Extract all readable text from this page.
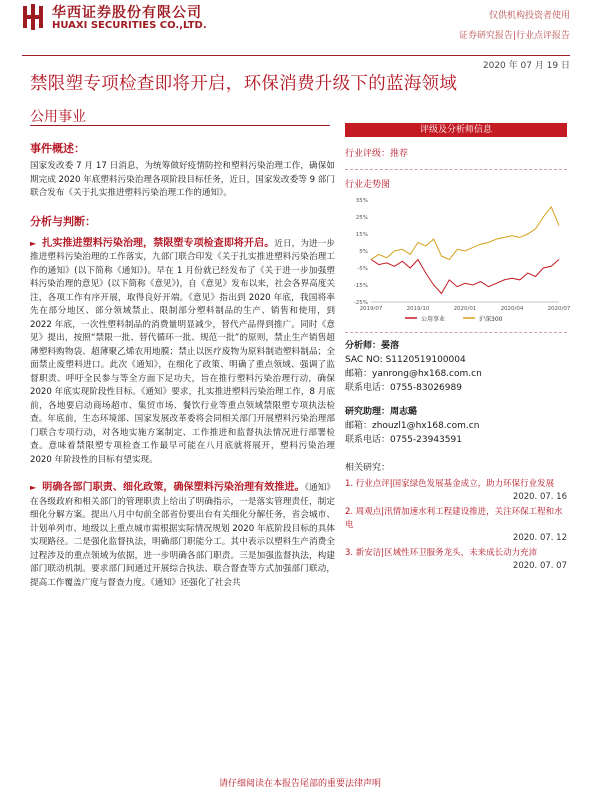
华西证券股份有限公司
HUAXI SECURITIES CO.,LTD.
仅供机构投资者使用
证券研究报告|行业点评报告
2020 年 07 月 19 日
禁限塑专项检查即将开启，环保消费升级下的蓝海领域
公用事业
事件概述：
国家发改委 7 月 17 日消息，为统筹做好疫情防控和塑料污染治理工作，确保如期完成 2020 年底塑料污染治理各项阶段目标任务，近日，国家发改委等 9 部门联合发布《关于扎实推进塑料污染治理工作的通知》。
分析与判断：
► 扎实推进塑料污染治理，禁限塑专项检查即将开启。近日，为进一步推进塑料污染治理的工作落实，九部门联合印发《关于扎实推进塑料污染治理工作的通知》(以下简称《通知》)。早在 1 月份就已经发布了《关于进一步加强塑料污染治理的意见》(以下简称《意见》)，自《意见》发布以来，社会各界高度关注，各项工作有序开展，取得良好开端。《意见》指出到 2020 年底，我国将率先在部分地区、部分领域禁止、限制部分塑料制品的生产、销售和使用，到 2022 年底，一次性塑料制品的消费量明显减少，替代产品得到推广。同时《意见》提出，按照“禁限一批、替代循环一批、规范一批”的原则，禁止生产销售超薄塑料购物袋、超薄聚乙烯农用地膜；禁止以医疗废物为原料制造塑料制品；全面禁止废塑料进口。此次《通知》，在细化了政策、明确了重点领域、强调了监督职责、呼吁全民参与等全方面下足功夫，旨在推行塑料污染治理行动，确保 2020 年底实现阶段性目标。《通知》要求，扎实推进塑料污染治理工作，8 月底前，各地要启动商场超市、集贸市场、餐饮行业等重点领域禁限塑专项执法检查。年底前，生态环境部、国家发展改革委将会同相关部门开展塑料污染治理部门联合专项行动，对各地实施方案制定、工作推进和监督执法情况进行部署检查。意味着禁限塑专项检查工作最早可能在八月底就将展开，塑料污染治理 2020 年阶段性的目标有望实现。
► 明确各部门职责、细化政策，确保塑料污染治理有效推进。《通知》在各级政府和相关部门的管理职责上给出了明确指示，一是落实管理责任，制定细化分解方案。提出八月中旬前全部省份要出台有关细化分解任务，省会城市、计划单列市、地级以上重点城市需根据实际情况规划 2020 年底阶段目标的具体实现路径。二是强化监督执法，明确部门职能分工。其中表示以塑料生产消费全过程涉及的重点领域为依据，进一步明确各部门职责。三是加强监督执法，构建部门联动机制。要求部门间通过开展综合执法、联合督查等方式加强部门联动，提高工作覆盖广度与督查力度。《通知》还强化了社会共
评级及分析师信息
行业评级：推荐
行业走势图
35%
25%
15%
5%
-5%
-15%
-25%
2019/07	2019/10	2020/01	2020/04	2020/07
公用事业	沪深300
分析师：晏溶
SAC NO: S1120519100004
邮箱：yanrong@hx168.com.cn
联系电话：0755-83026989
研究助理：周志璐
邮箱：zhouzl1@hx168.com.cn
联系电话：0755-23943591
相关研究：
1. 行业点评|国家绿色发展基金成立，助力环保行业发展
2020. 07. 16
2. 周观点|汛情加速水利工程建设推进，关注环保工程和水电
2020. 07. 12
3. 新安洁|区域性环卫服务龙头，未来成长动力充沛
2020. 07. 07
请仔细阅读在本报告尾部的重要法律声明
